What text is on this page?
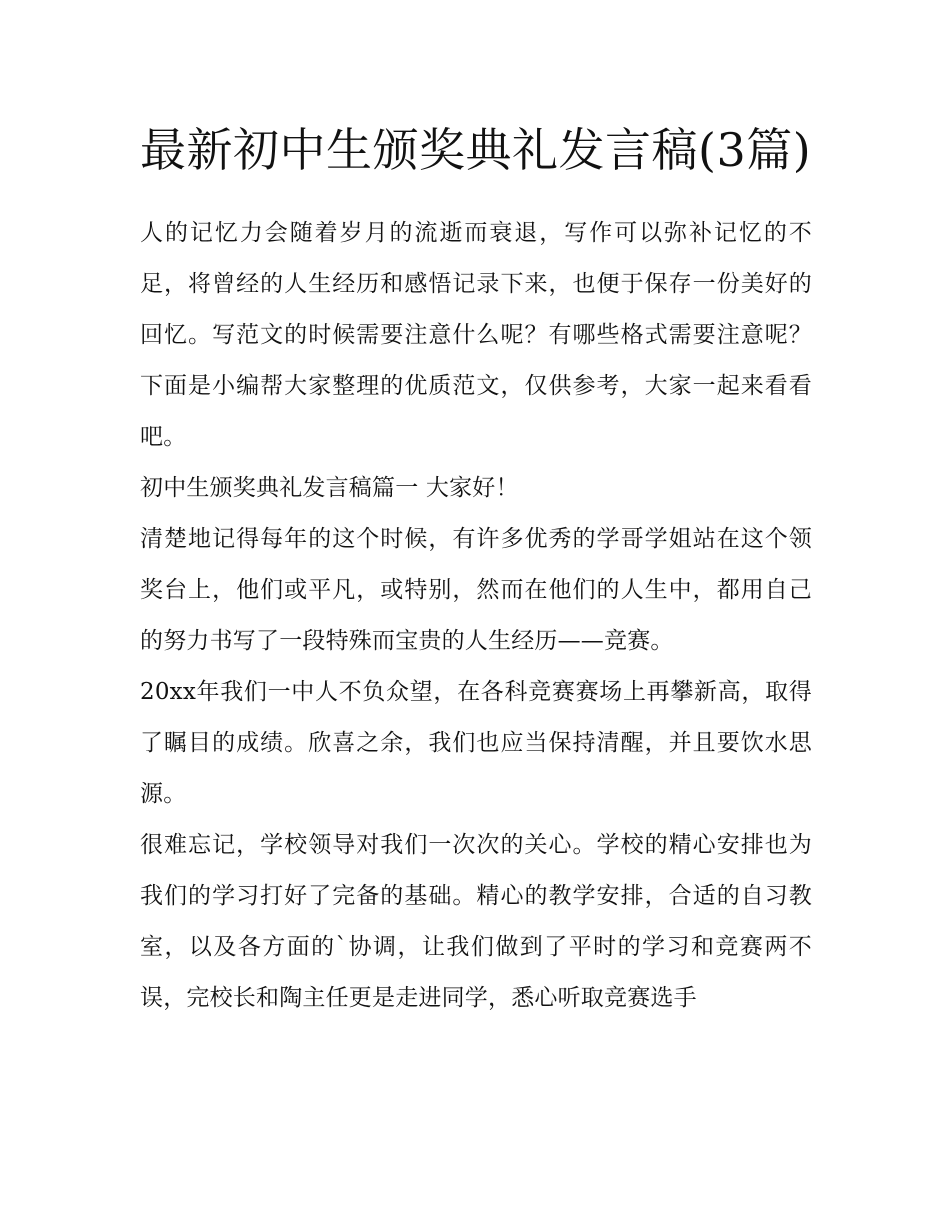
最新初中生颁奖典礼发言稿(3篇)

人的记忆力会随着岁月的流逝而衰退，写作可以弥补记忆的不足，将曾经的人生经历和感悟记录下来，也便于保存一份美好的回忆。写范文的时候需要注意什么呢？有哪些格式需要注意呢？下面是小编帮大家整理的优质范文，仅供参考，大家一起来看看吧。

初中生颁奖典礼发言稿篇一 大家好！

清楚地记得每年的这个时候，有许多优秀的学哥学姐站在这个领奖台上，他们或平凡，或特别，然而在他们的人生中，都用自己的努力书写了一段特殊而宝贵的人生经历——竞赛。

20xx年我们一中人不负众望，在各科竞赛赛场上再攀新高，取得了瞩目的成绩。欣喜之余，我们也应当保持清醒，并且要饮水思源。

很难忘记，学校领导对我们一次次的关心。学校的精心安排也为我们的学习打好了完备的基础。精心的教学安排，合适的自习教室，以及各方面的`协调，让我们做到了平时的学习和竞赛两不误，完校长和陶主任更是走进同学，悉心听取竞赛选手
